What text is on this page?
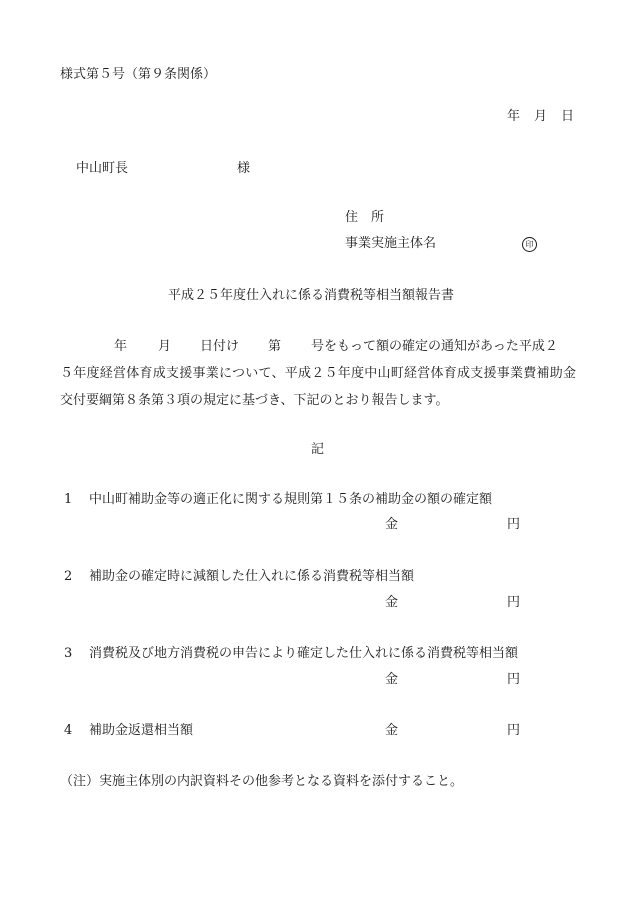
様式第５号（第９条関係）
年 月 日
中山町長	様
住　所
事業実施主体名	印
平成２５年度仕入れに係る消費税等相当額報告書
年 月 日付け 第 号をもって額の確定の通知があった平成２
５年度経営体育成支援事業について、平成２５年度中山町経営体育成支援事業費補助金交付要綱第８条第３項の規定に基づき、下記のとおり報告します。
記
1 中山町補助金等の適正化に関する規則第１５条の補助金の額の確定額
金	円
2 補助金の確定時に減額した仕入れに係る消費税等相当額
金	円
3 消費税及び地方消費税の申告により確定した仕入れに係る消費税等相当額
金	円
4 補助金返還相当額	金	円
（注）実施主体別の内訳資料その他参考となる資料を添付すること。
